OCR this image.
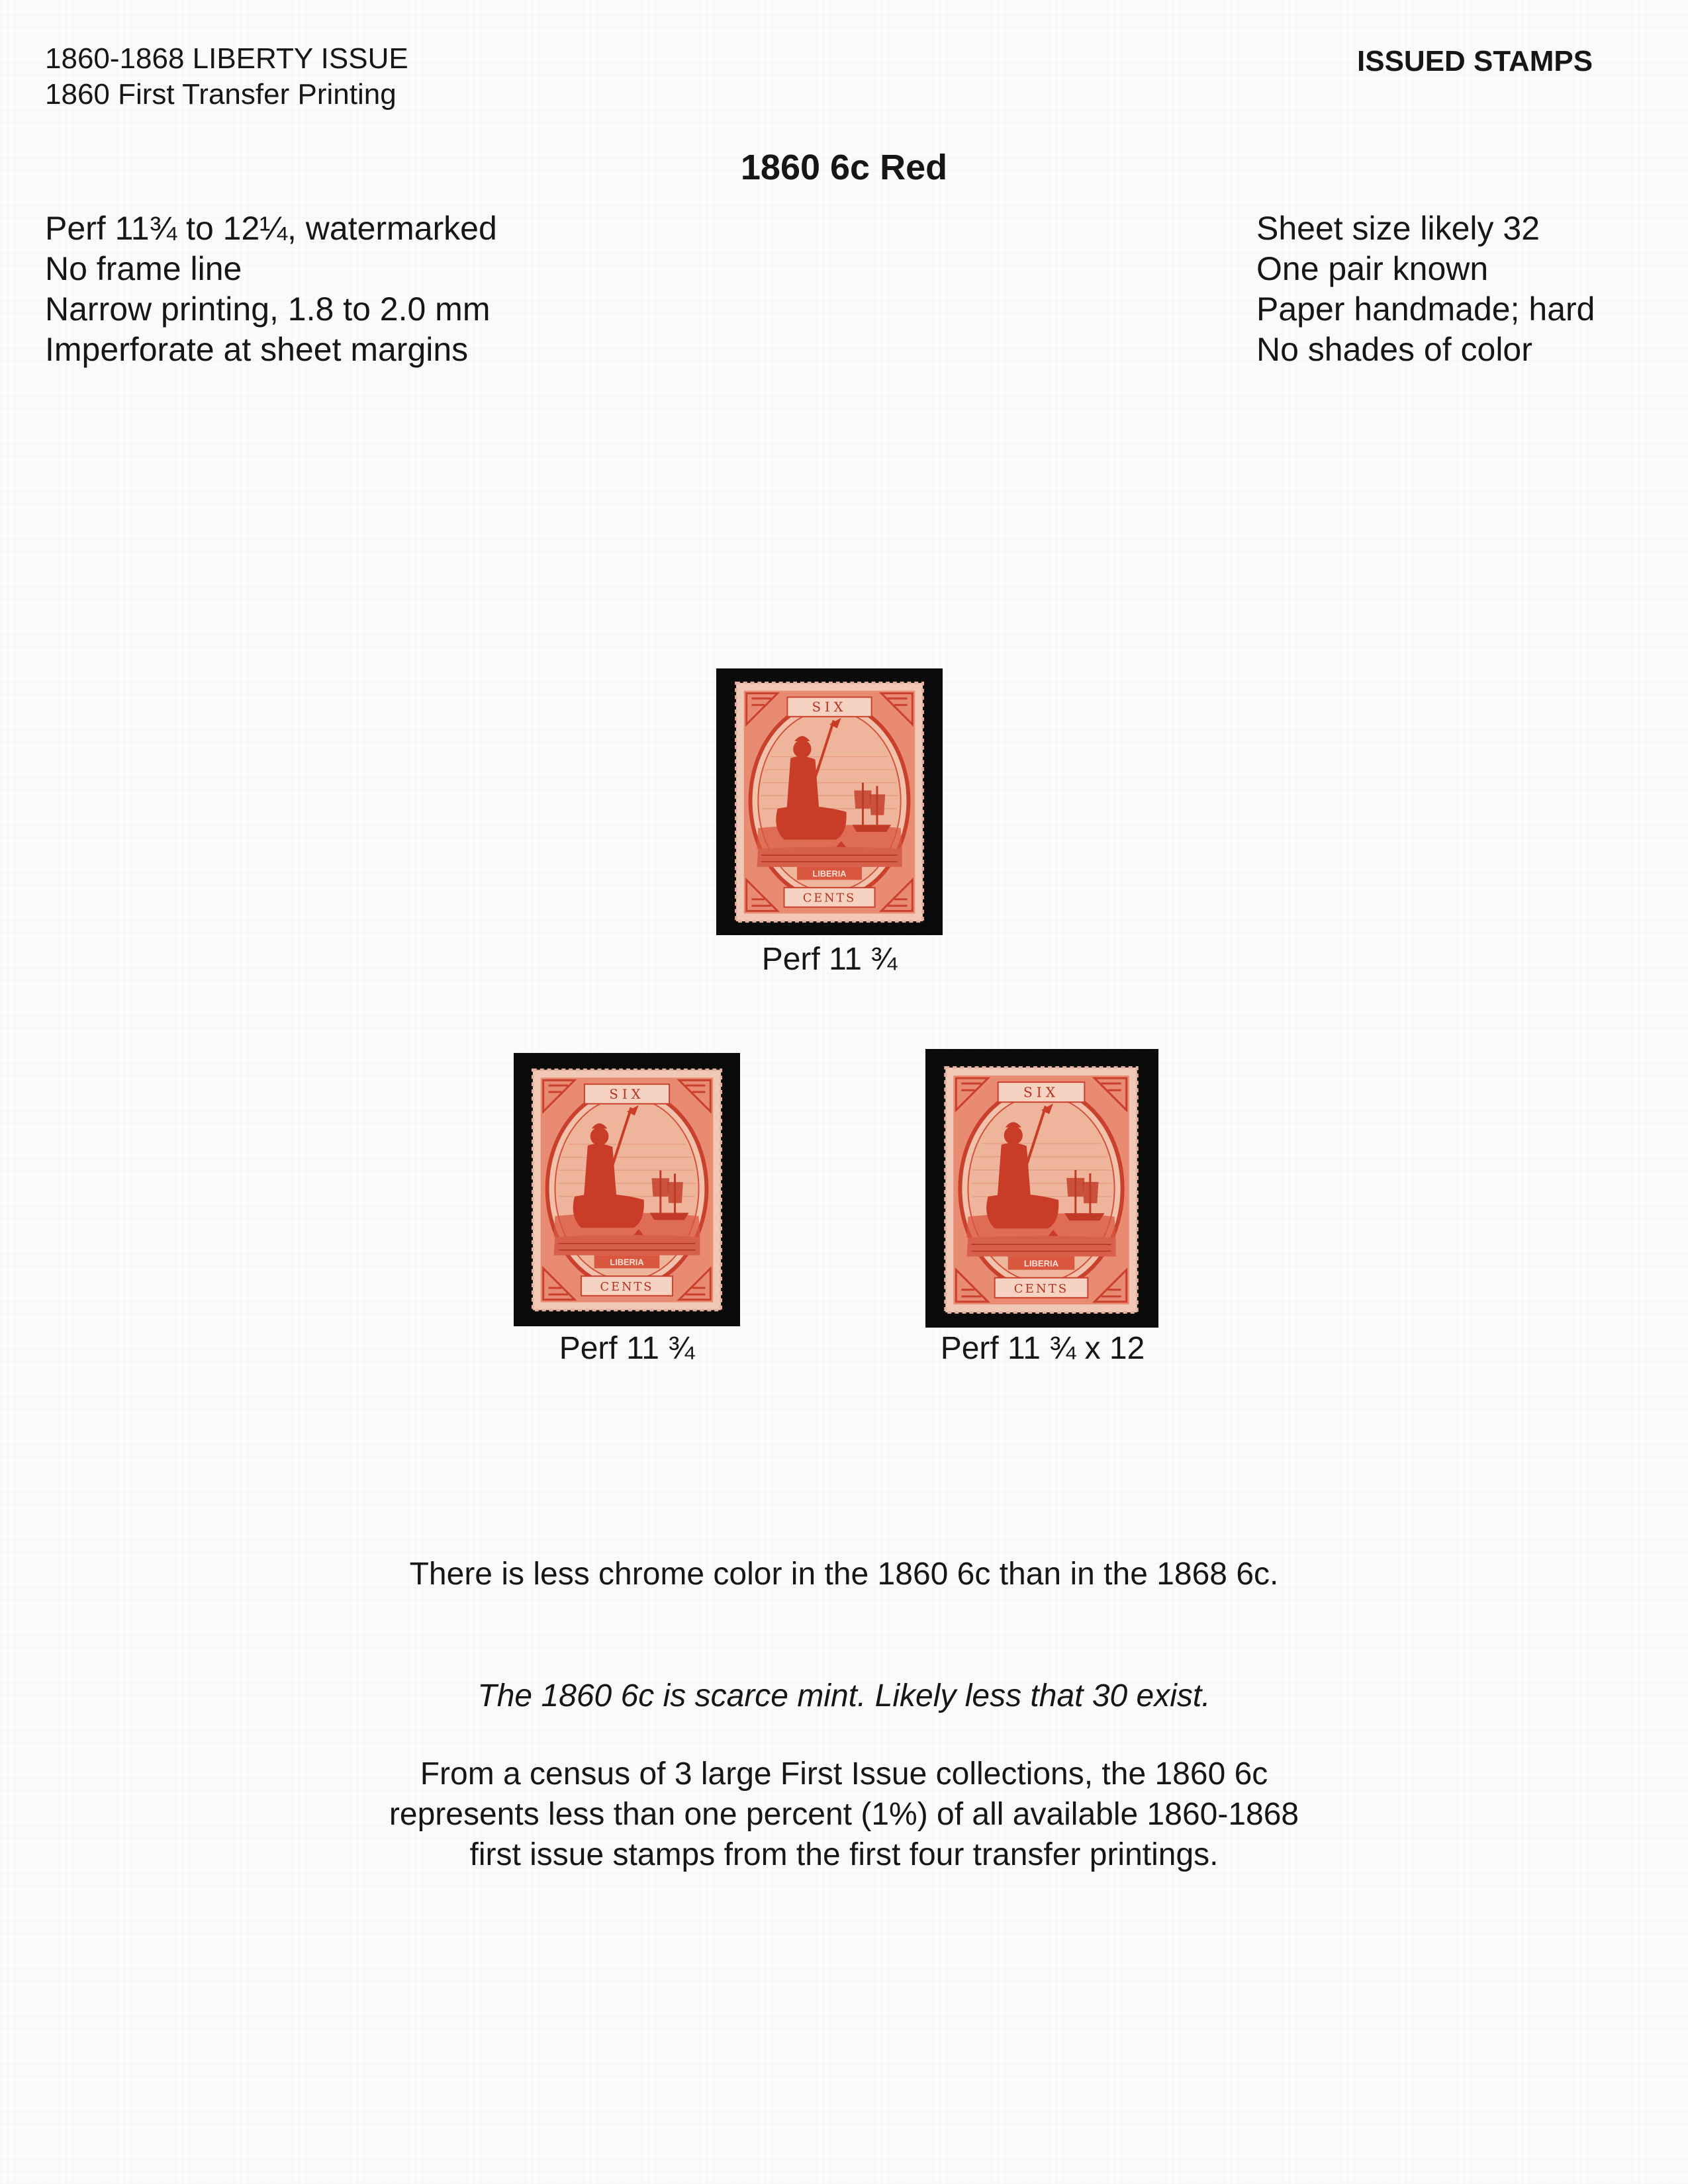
1860-1868 LIBERTY ISSUE
1860 First Transfer Printing
ISSUED STAMPS
1860 6c Red
Perf 11¾ to 12¼, watermarked
No frame line
Narrow printing, 1.8 to 2.0 mm
Imperforate at sheet margins
Sheet size likely 32
One pair known
Paper handmade; hard
No shades of color
SIX
LIBERIA
CENTS
Perf 11 ¾
SIX
LIBERIA
CENTS
Perf 11 ¾
SIX
LIBERIA
CENTS
Perf 11 ¾ x 12
There is less chrome color in the 1860 6c than in the 1868 6c.
The 1860 6c is scarce mint. Likely less that 30 exist.
From a census of 3 large First Issue collections, the 1860 6c
represents less than one percent (1%) of all available 1860-1868
first issue stamps from the first four transfer printings.
